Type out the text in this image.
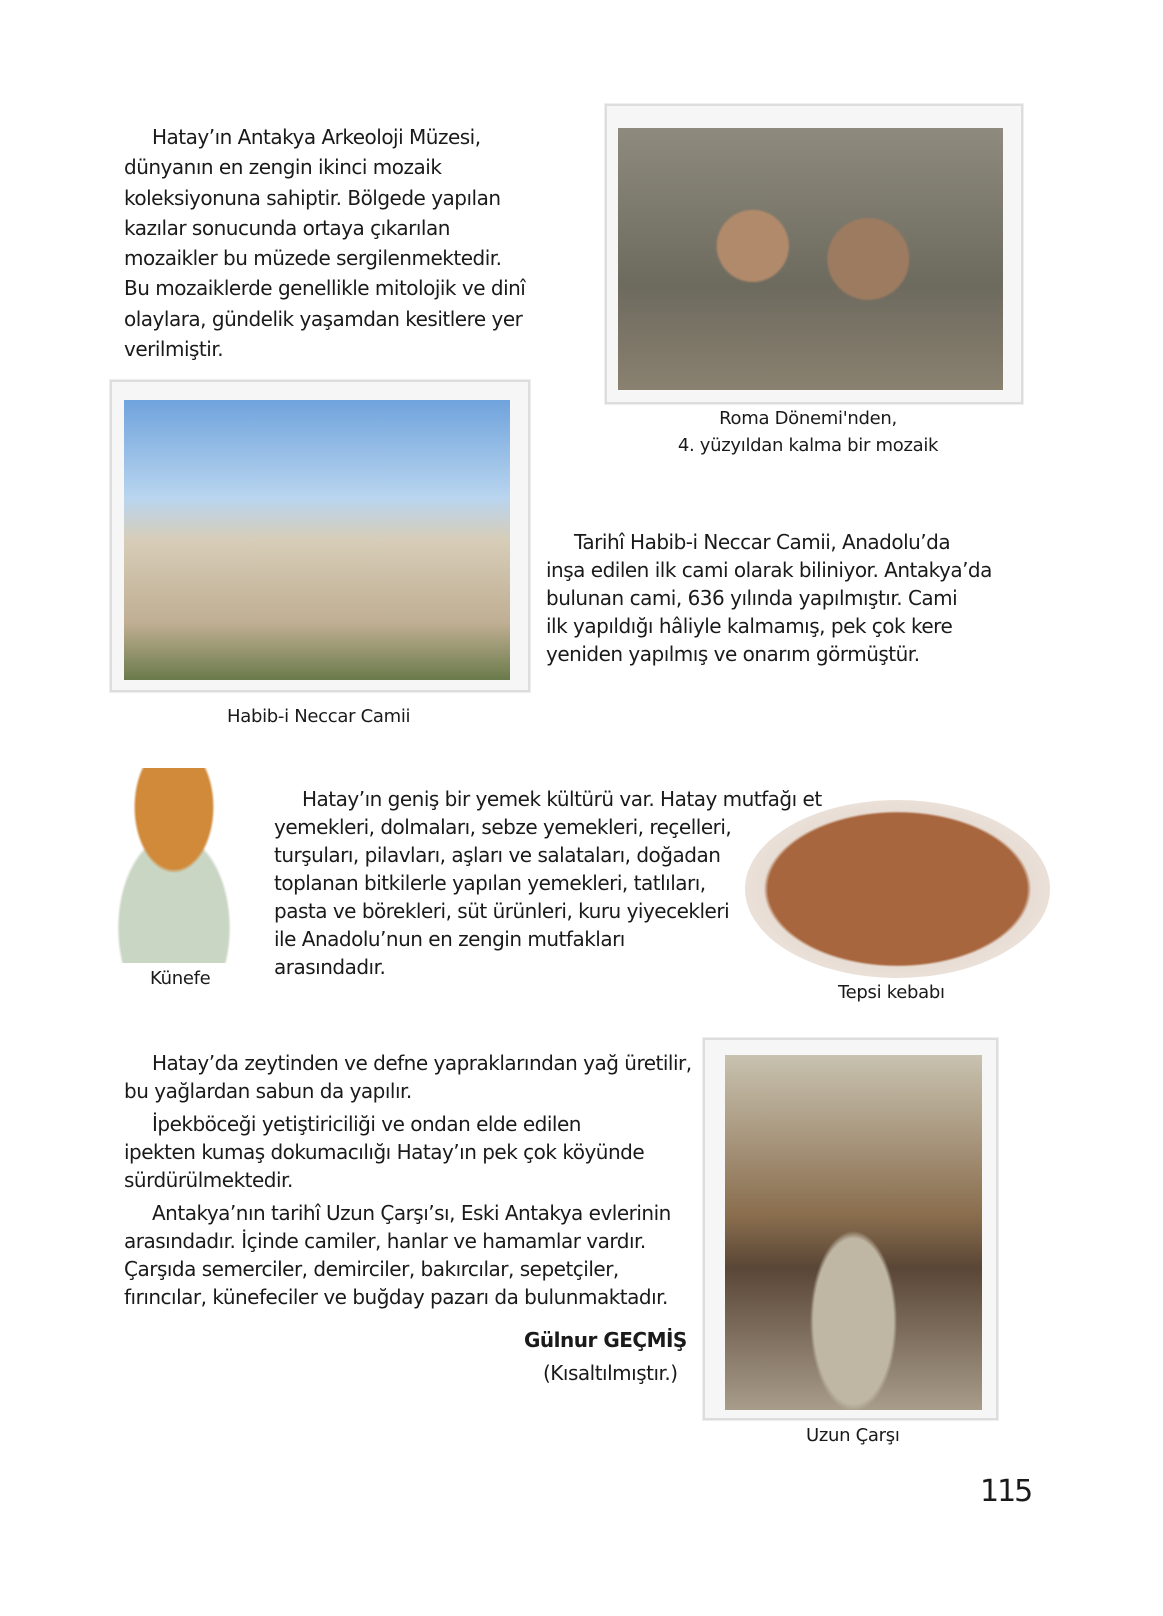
Hatay’ın Antakya Arkeoloji Müzesi,
dünyanın en zengin ikinci mozaik
koleksiyonuna sahiptir. Bölgede yapılan
kazılar sonucunda ortaya çıkarılan
mozaikler bu müzede sergilenmektedir.
Bu mozaiklerde genellikle mitolojik ve dinî
olaylara, gündelik yaşamdan kesitlere yer
verilmiştir.
Roma Dönemi'nden,
4. yüzyıldan kalma bir mozaik
Habib-i Neccar Camii
Tarihî Habib-i Neccar Camii, Anadolu’da
inşa edilen ilk cami olarak biliniyor. Antakya’da
bulunan cami, 636 yılında yapılmıştır. Cami
ilk yapıldığı hâliyle kalmamış, pek çok kere
yeniden yapılmış ve onarım görmüştür.
Künefe
Hatay’ın geniş bir yemek kültürü var. Hatay mutfağı et
yemekleri, dolmaları, sebze yemekleri, reçelleri,
turşuları, pilavları, aşları ve salataları, doğadan
toplanan bitkilerle yapılan yemekleri, tatlıları,
pasta ve börekleri, süt ürünleri, kuru yiyecekleri
ile Anadolu’nun en zengin mutfakları
arasındadır.
Tepsi kebabı
Hatay’da zeytinden ve defne yapraklarından yağ üretilir,
bu yağlardan sabun da yapılır.
İpekböceği yetiştiriciliği ve ondan elde edilen
ipekten kumaş dokumacılığı Hatay’ın pek çok köyünde
sürdürülmektedir.
Antakya’nın tarihî Uzun Çarşı’sı, Eski Antakya evlerinin
arasındadır. İçinde camiler, hanlar ve hamamlar vardır.
Çarşıda semerciler, demirciler, bakırcılar, sepetçiler,
fırıncılar, künefeciler ve buğday pazarı da bulunmaktadır.
Gülnur GEÇMİŞ
(Kısaltılmıştır.)
Uzun Çarşı
115
